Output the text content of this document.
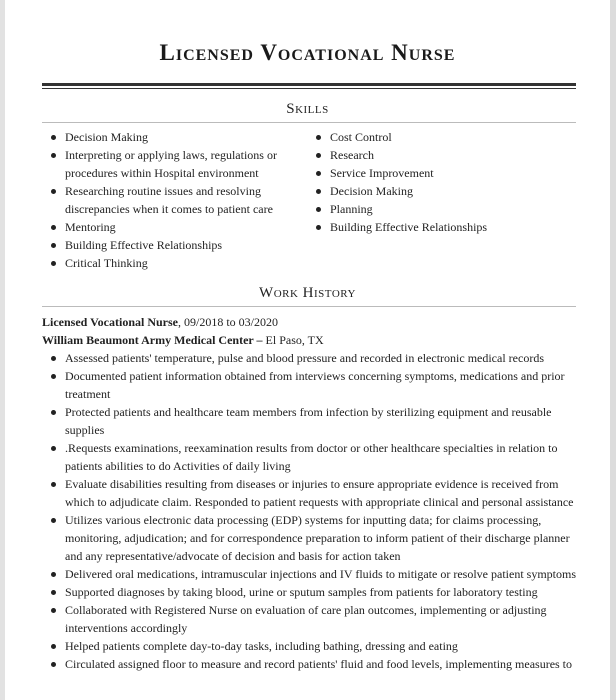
Licensed Vocational Nurse
Skills
Decision Making
Interpreting or applying laws, regulations or procedures within Hospital environment
Researching routine issues and resolving discrepancies when it comes to patient care
Mentoring
Building Effective Relationships
Critical Thinking
Cost Control
Research
Service Improvement
Decision Making
Planning
Building Effective Relationships
Work History
Licensed Vocational Nurse, 09/2018 to 03/2020
William Beaumont Army Medical Center – El Paso, TX
Assessed patients' temperature, pulse and blood pressure and recorded in electronic medical records
Documented patient information obtained from interviews concerning symptoms, medications and prior treatment
Protected patients and healthcare team members from infection by sterilizing equipment and reusable supplies
.Requests examinations, reexamination results from doctor or other healthcare specialties in relation to patients abilities to do Activities of daily living
Evaluate disabilities resulting from diseases or injuries to ensure appropriate evidence is received from which to adjudicate claim. Responded to patient requests with appropriate clinical and personal assistance
Utilizes various electronic data processing (EDP) systems for inputting data; for claims processing, monitoring, adjudication; and for correspondence preparation to inform patient of their discharge planner and any representative/advocate of decision and basis for action taken
Delivered oral medications, intramuscular injections and IV fluids to mitigate or resolve patient symptoms
Supported diagnoses by taking blood, urine or sputum samples from patients for laboratory testing
Collaborated with Registered Nurse on evaluation of care plan outcomes, implementing or adjusting interventions accordingly
Helped patients complete day-to-day tasks, including bathing, dressing and eating
Circulated assigned floor to measure and record patients' fluid and food levels, implementing measures to
